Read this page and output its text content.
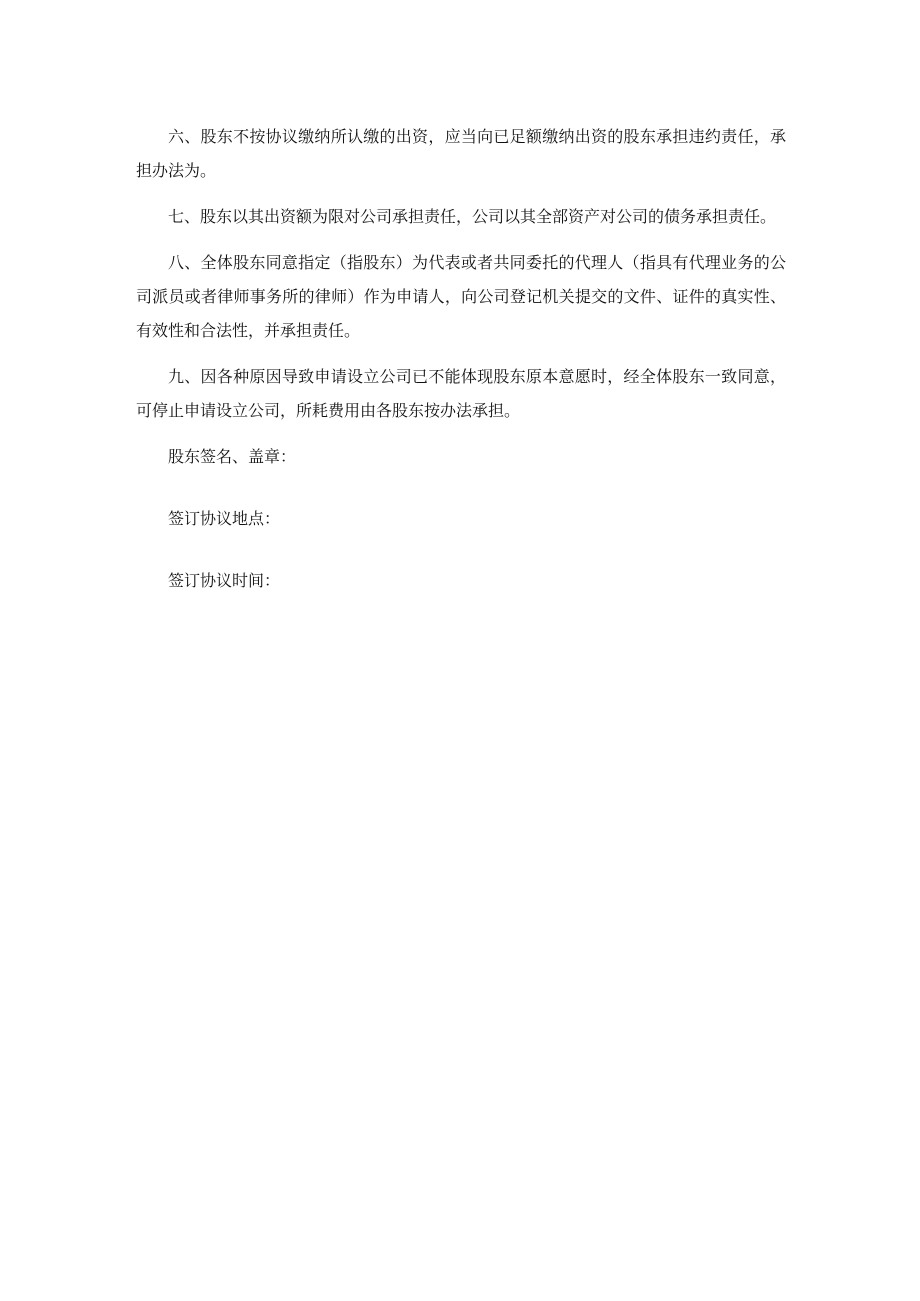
六、股东不按协议缴纳所认缴的出资，应当向已足额缴纳出资的股东承担违约责任，承担办法为。

七、股东以其出资额为限对公司承担责任，公司以其全部资产对公司的债务承担责任。

八、全体股东同意指定（指股东）为代表或者共同委托的代理人（指具有代理业务的公司派员或者律师事务所的律师）作为申请人，向公司登记机关提交的文件、证件的真实性、有效性和合法性，并承担责任。

九、因各种原因导致申请设立公司已不能体现股东原本意愿时，经全体股东一致同意，可停止申请设立公司，所耗费用由各股东按办法承担。

股东签名、盖章：

签订协议地点：

签订协议时间：
